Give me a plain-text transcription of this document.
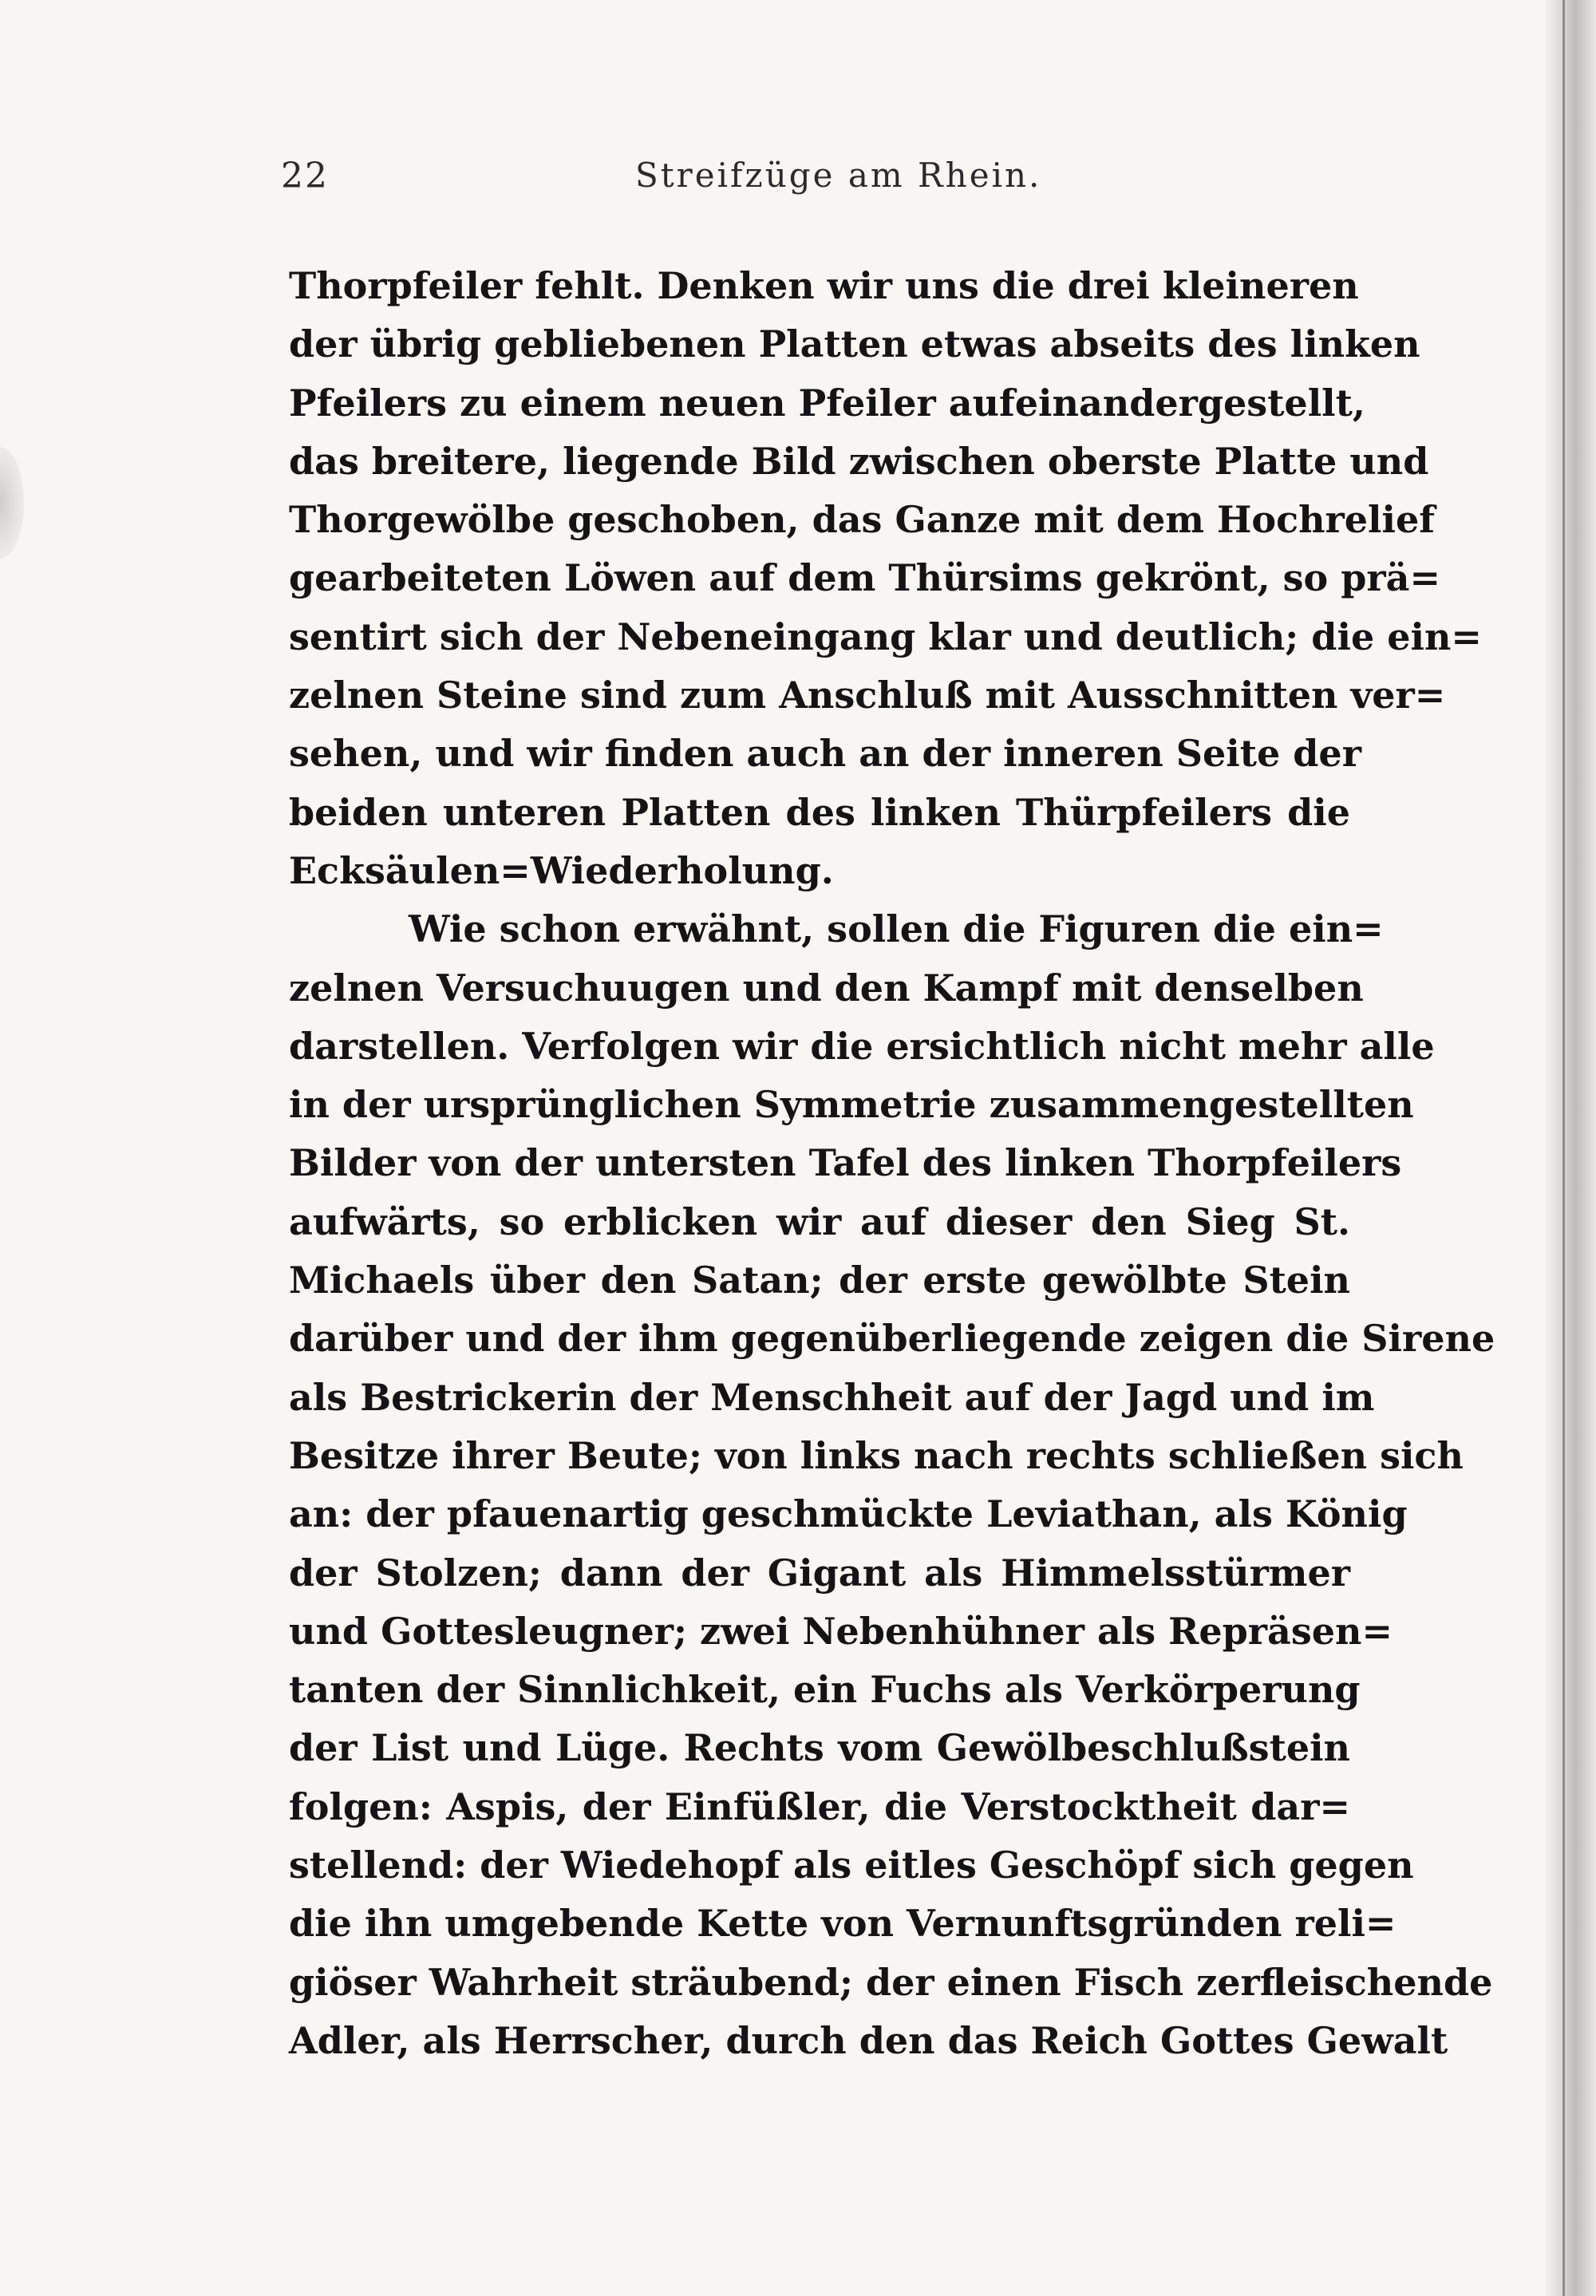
22	Streifzüge am Rhein.
Thorpfeiler fehlt. Denken wir uns die drei kleineren
der übrig gebliebenen Platten etwas abseits des linken
Pfeilers zu einem neuen Pfeiler aufeinandergestellt,
das breitere, liegende Bild zwischen oberste Platte und
Thorgewölbe geschoben, das Ganze mit dem Hochrelief
gearbeiteten Löwen auf dem Thürsims gekrönt, so prä=
sentirt sich der Nebeneingang klar und deutlich; die ein=
zelnen Steine sind zum Anschluß mit Ausschnitten ver=
sehen, und wir finden auch an der inneren Seite der
beiden unteren Platten des linken Thürpfeilers die
Ecksäulen=Wiederholung.
Wie schon erwähnt, sollen die Figuren die ein=
zelnen Versuchuugen und den Kampf mit denselben
darstellen. Verfolgen wir die ersichtlich nicht mehr alle
in der ursprünglichen Symmetrie zusammengestellten
Bilder von der untersten Tafel des linken Thorpfeilers
aufwärts, so erblicken wir auf dieser den Sieg St.
Michaels über den Satan; der erste gewölbte Stein
darüber und der ihm gegenüberliegende zeigen die Sirene
als Bestrickerin der Menschheit auf der Jagd und im
Besitze ihrer Beute; von links nach rechts schließen sich
an: der pfauenartig geschmückte Leviathan, als König
der Stolzen; dann der Gigant als Himmelsstürmer
und Gottesleugner; zwei Nebenhühner als Repräsen=
tanten der Sinnlichkeit, ein Fuchs als Verkörperung
der List und Lüge. Rechts vom Gewölbeschlußstein
folgen: Aspis, der Einfüßler, die Verstocktheit dar=
stellend: der Wiedehopf als eitles Geschöpf sich gegen
die ihn umgebende Kette von Vernunftsgründen reli=
giöser Wahrheit sträubend; der einen Fisch zerfleischende
Adler, als Herrscher, durch den das Reich Gottes Gewalt
